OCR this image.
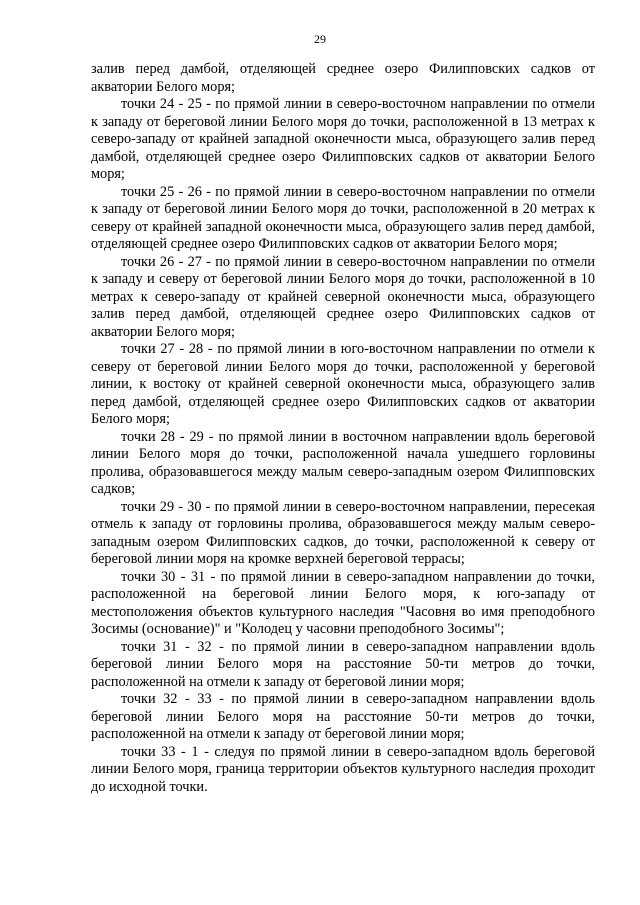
29

залив перед дамбой, отделяющей среднее озеро Филипповских садков от акватории Белого моря;

точки 24 - 25 - по прямой линии в северо-восточном направлении по отмели к западу от береговой линии Белого моря до точки, расположенной в 13 метрах к северо-западу от крайней западной оконечности мыса, образующего залив перед дамбой, отделяющей среднее озеро Филипповских садков от акватории Белого моря;

точки 25 - 26 - по прямой линии в северо-восточном направлении по отмели к западу от береговой линии Белого моря до точки, расположенной в 20 метрах к северу от крайней западной оконечности мыса, образующего залив перед дамбой, отделяющей среднее озеро Филипповских садков от акватории Белого моря;

точки 26 - 27 - по прямой линии в северо-восточном направлении по отмели к западу и северу от береговой линии Белого моря до точки, расположенной в 10 метрах к северо-западу от крайней северной оконечности мыса, образующего залив перед дамбой, отделяющей среднее озеро Филипповских садков от акватории Белого моря;

точки 27 - 28 - по прямой линии в юго-восточном направлении по отмели к северу от береговой линии Белого моря до точки, расположенной у береговой линии, к востоку от крайней северной оконечности мыса, образующего залив перед дамбой, отделяющей среднее озеро Филипповских садков от акватории Белого моря;

точки 28 - 29 - по прямой линии в восточном направлении вдоль береговой линии Белого моря до точки, расположенной начала ушедшего горловины пролива, образовавшегося между малым северо-западным озером Филипповских садков;

точки 29 - 30 - по прямой линии в северо-восточном направлении, пересекая отмель к западу от горловины пролива, образовавшегося между малым северо-западным озером Филипповских садков, до точки, расположенной к северу от береговой линии моря на кромке верхней береговой террасы;

точки 30 - 31 - по прямой линии в северо-западном направлении до точки, расположенной на береговой линии Белого моря, к юго-западу от местоположения объектов культурного наследия "Часовня во имя преподобного Зосимы (основание)" и "Колодец у часовни преподобного Зосимы";

точки 31 - 32 - по прямой линии в северо-западном направлении вдоль береговой линии Белого моря на расстояние 50-ти метров до точки, расположенной на отмели к западу от береговой линии моря;

точки 32 - 33 - по прямой линии в северо-западном направлении вдоль береговой линии Белого моря на расстояние 50-ти метров до точки, расположенной на отмели к западу от береговой линии моря;

точки 33 - 1 - следуя по прямой линии в северо-западном вдоль береговой линии Белого моря, граница территории объектов культурного наследия проходит до исходной точки.
